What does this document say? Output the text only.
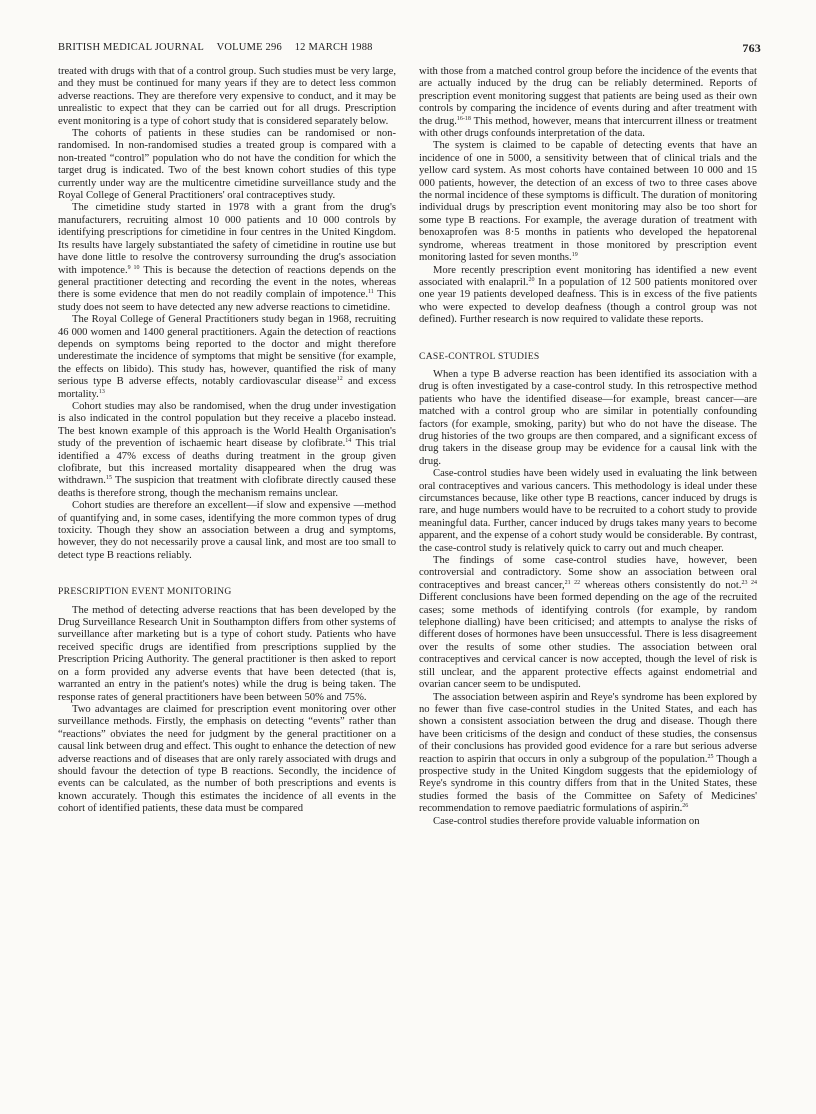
BRITISH MEDICAL JOURNAL VOLUME 296 12 MARCH 1988	763

treated with drugs with that of a control group. Such studies must be very large, and they must be continued for many years if they are to detect less common adverse reactions. They are therefore very expensive to conduct, and it may be unrealistic to expect that they can be carried out for all drugs. Prescription event monitoring is a type of cohort study that is considered separately below.

The cohorts of patients in these studies can be randomised or non-randomised. In non-randomised studies a treated group is compared with a non-treated “control” population who do not have the condition for which the target drug is indicated. Two of the best known cohort studies of this type currently under way are the multicentre cimetidine surveillance study and the Royal College of General Practitioners' oral contraceptives study.

The cimetidine study started in 1978 with a grant from the drug's manufacturers, recruiting almost 10 000 patients and 10 000 controls by identifying prescriptions for cimetidine in four centres in the United Kingdom. Its results have largely substantiated the safety of cimetidine in routine use but have done little to resolve the controversy surrounding the drug's association with impotence.$^{9 10}$ This is because the detection of reactions depends on the general practitioner detecting and recording the event in the notes, whereas there is some evidence that men do not readily complain of impotence.$^{11}$ This study does not seem to have detected any new adverse reactions to cimetidine.

The Royal College of General Practitioners study began in 1968, recruiting 46 000 women and 1400 general practitioners. Again the detection of reactions depends on symptoms being reported to the doctor and might therefore underestimate the incidence of symptoms that might be sensitive (for example, the effects on libido). This study has, however, quantified the risk of many serious type B adverse effects, notably cardiovascular disease$^{12}$ and excess mortality.$^{13}$

Cohort studies may also be randomised, when the drug under investigation is also indicated in the control population but they receive a placebo instead. The best known example of this approach is the World Health Organisation's study of the prevention of ischaemic heart disease by clofibrate.$^{14}$ This trial identified a 47% excess of deaths during treatment in the group given clofibrate, but this increased mortality disappeared when the drug was withdrawn.$^{15}$ The suspicion that treatment with clofibrate directly caused these deaths is therefore strong, though the mechanism remains unclear.

Cohort studies are therefore an excellent—if slow and expensive —method of quantifying and, in some cases, identifying the more common types of drug toxicity. Though they show an association between a drug and symptoms, however, they do not necessarily prove a causal link, and most are too small to detect type B reactions reliably.

PRESCRIPTION EVENT MONITORING

The method of detecting adverse reactions that has been developed by the Drug Surveillance Research Unit in Southampton differs from other systems of surveillance after marketing but is a type of cohort study. Patients who have received specific drugs are identified from prescriptions supplied by the Prescription Pricing Authority. The general practitioner is then asked to report on a form provided any adverse events that have been detected (that is, warranted an entry in the patient's notes) while the drug is being taken. The response rates of general practitioners have been between 50% and 75%.

Two advantages are claimed for prescription event monitoring over other surveillance methods. Firstly, the emphasis on detecting “events” rather than “reactions” obviates the need for judgment by the general practitioner on a causal link between drug and effect. This ought to enhance the detection of new adverse reactions and of diseases that are only rarely associated with drugs and should favour the detection of type B reactions. Secondly, the incidence of events can be calculated, as the number of both prescriptions and events is known accurately. Though this estimates the incidence of all events in the cohort of identified patients, these data must be compared

with those from a matched control group before the incidence of the events that are actually induced by the drug can be reliably determined. Reports of prescription event monitoring suggest that patients are being used as their own controls by comparing the incidence of events during and after treatment with the drug.$^{16-18}$ This method, however, means that intercurrent illness or treatment with other drugs confounds interpretation of the data.

The system is claimed to be capable of detecting events that have an incidence of one in 5000, a sensitivity between that of clinical trials and the yellow card system. As most cohorts have contained between 10 000 and 15 000 patients, however, the detection of an excess of two to three cases above the normal incidence of these symptoms is difficult. The duration of monitoring individual drugs by prescription event monitoring may also be too short for some type B reactions. For example, the average duration of treatment with benoxaprofen was 8·5 months in patients who developed the hepatorenal syndrome, whereas treatment in those monitored by prescription event monitoring lasted for seven months.$^{19}$

More recently prescription event monitoring has identified a new event associated with enalapril.$^{20}$ In a population of 12 500 patients monitored over one year 19 patients developed deafness. This is in excess of the five patients who were expected to develop deafness (though a control group was not defined). Further research is now required to validate these reports.

CASE-CONTROL STUDIES

When a type B adverse reaction has been identified its association with a drug is often investigated by a case-control study. In this retrospective method patients who have the identified disease—for example, breast cancer—are matched with a control group who are similar in potentially confounding factors (for example, smoking, parity) but who do not have the disease. The drug histories of the two groups are then compared, and a significant excess of drug takers in the disease group may be evidence for a causal link with the drug.

Case-control studies have been widely used in evaluating the link between oral contraceptives and various cancers. This methodology is ideal under these circumstances because, like other type B reactions, cancer induced by drugs is rare, and huge numbers would have to be recruited to a cohort study to provide meaningful data. Further, cancer induced by drugs takes many years to become apparent, and the expense of a cohort study would be considerable. By contrast, the case-control study is relatively quick to carry out and much cheaper.

The findings of some case-control studies have, however, been controversial and contradictory. Some show an association between oral contraceptives and breast cancer,$^{21 22}$ whereas others consistently do not.$^{23 24}$ Different conclusions have been formed depending on the age of the recruited cases; some methods of identifying controls (for example, by random telephone dialling) have been criticised; and attempts to analyse the risks of different doses of hormones have been unsuccessful. There is less disagreement over the results of some other studies. The association between oral contraceptives and cervical cancer is now accepted, though the level of risk is still unclear, and the apparent protective effects against endometrial and ovarian cancer seem to be undisputed.

The association between aspirin and Reye's syndrome has been explored by no fewer than five case-control studies in the United States, and each has shown a consistent association between the drug and disease. Though there have been criticisms of the design and conduct of these studies, the consensus of their conclusions has provided good evidence for a rare but serious adverse reaction to aspirin that occurs in only a subgroup of the population.$^{25}$ Though a prospective study in the United Kingdom suggests that the epidemiology of Reye's syndrome in this country differs from that in the United States, these studies formed the basis of the Committee on Safety of Medicines' recommendation to remove paediatric formulations of aspirin.$^{26}$

Case-control studies therefore provide valuable information on
